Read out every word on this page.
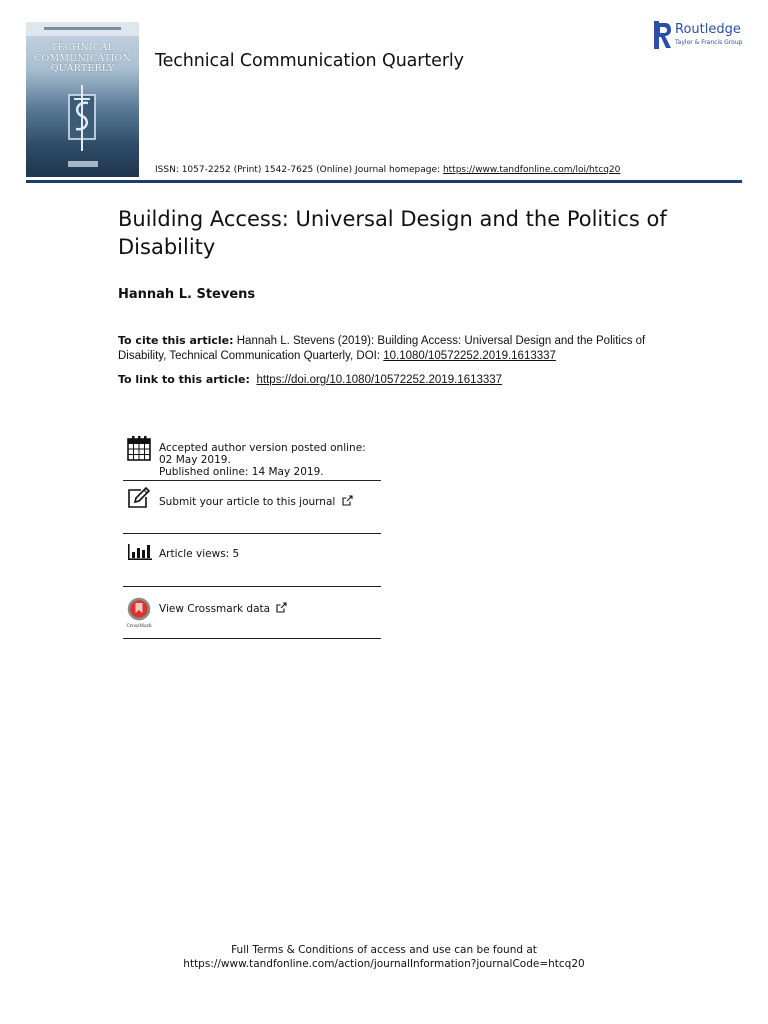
TECHNICAL
COMMUNICATION
QUARTERLY	Technical Communication Quarterly
Routledge
Taylor & Francis Group
ISSN: 1057-2252 (Print) 1542-7625 (Online) Journal homepage: https://www.tandfonline.com/loi/htcq20
Building Access: Universal Design and the Politics of Disability
Hannah L. Stevens
To cite this article: Hannah L. Stevens (2019): Building Access: Universal Design and the Politics of Disability, Technical Communication Quarterly, DOI: 10.1080/10572252.2019.1613337
To link to this article: https://doi.org/10.1080/10572252.2019.1613337
Accepted author version posted online: 02 May 2019.
Published online: 14 May 2019.
Submit your article to this journal
Article views: 5
CrossMark
View Crossmark data
Full Terms & Conditions of access and use can be found at
https://www.tandfonline.com/action/journalInformation?journalCode=htcq20
